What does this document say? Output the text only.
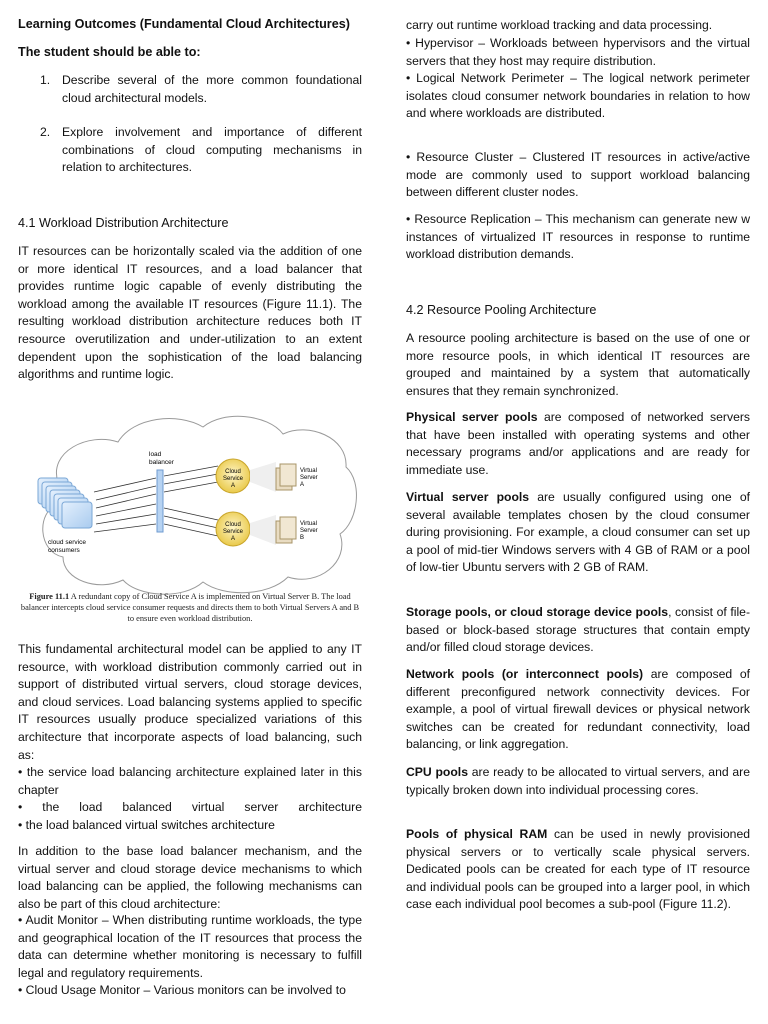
Learning Outcomes (Fundamental Cloud Architectures)
The student should be able to:
1. Describe several of the more common foundational cloud architectural models.
2. Explore involvement and importance of different combinations of cloud computing mechanisms in relation to architectures.
4.1 Workload Distribution Architecture

IT resources can be horizontally scaled via the addition of one or more identical IT resources, and a load balancer that provides runtime logic capable of evenly distributing the workload among the available IT resources (Figure 11.1). The resulting workload distribution architecture reduces both IT resource overutilization and under-utilization to an extent dependent upon the sophistication of the load balancing algorithms and runtime logic.

load balancer
Cloud Service A
Cloud Service A
Virtual Server A
Virtual Server B
cloud service consumers
Figure 11.1 A redundant copy of Cloud Service A is implemented on Virtual Server B. The load balancer intercepts cloud service consumer requests and directs them to both Virtual Servers A and B to ensure even workload distribution.

This fundamental architectural model can be applied to any IT resource, with workload distribution commonly carried out in support of distributed virtual servers, cloud storage devices, and cloud services. Load balancing systems applied to specific IT resources usually produce specialized variations of this architecture that incorporate aspects of load balancing, such as:

• the service load balancing architecture explained later in this chapter

• the load balanced virtual server architecture

• the load balanced virtual switches architecture

In addition to the base load balancer mechanism, and the virtual server and cloud storage device mechanisms to which load balancing can be applied, the following mechanisms can also be part of this cloud architecture:

• Audit Monitor – When distributing runtime workloads, the type and geographical location of the IT resources that process the data can determine whether monitoring is necessary to fulfill legal and regulatory requirements.

• Cloud Usage Monitor – Various monitors can be involved to

carry out runtime workload tracking and data processing.

• Hypervisor – Workloads between hypervisors and the virtual servers that they host may require distribution.

• Logical Network Perimeter – The logical network perimeter isolates cloud consumer network boundaries in relation to how and where workloads are distributed.

• Resource Cluster – Clustered IT resources in active/active mode are commonly used to support workload balancing between different cluster nodes.

• Resource Replication – This mechanism can generate new w instances of virtualized IT resources in response to runtime workload distribution demands.

4.2 Resource Pooling Architecture

A resource pooling architecture is based on the use of one or more resource pools, in which identical IT resources are grouped and maintained by a system that automatically ensures that they remain synchronized.

Physical server pools are composed of networked servers that have been installed with operating systems and other necessary programs and/or applications and are ready for immediate use.

Virtual server pools are usually configured using one of several available templates chosen by the cloud consumer during provisioning. For example, a cloud consumer can set up a pool of mid-tier Windows servers with 4 GB of RAM or a pool of low-tier Ubuntu servers with 2 GB of RAM.

Storage pools, or cloud storage device pools, consist of file-based or block-based storage structures that contain empty and/or filled cloud storage devices.

Network pools (or interconnect pools) are composed of different preconfigured network connectivity devices. For example, a pool of virtual firewall devices or physical network switches can be created for redundant connectivity, load balancing, or link aggregation.

CPU pools are ready to be allocated to virtual servers, and are typically broken down into individual processing cores.

Pools of physical RAM can be used in newly provisioned physical servers or to vertically scale physical servers. Dedicated pools can be created for each type of IT resource and individual pools can be grouped into a larger pool, in which case each individual pool becomes a sub-pool (Figure 11.2).
